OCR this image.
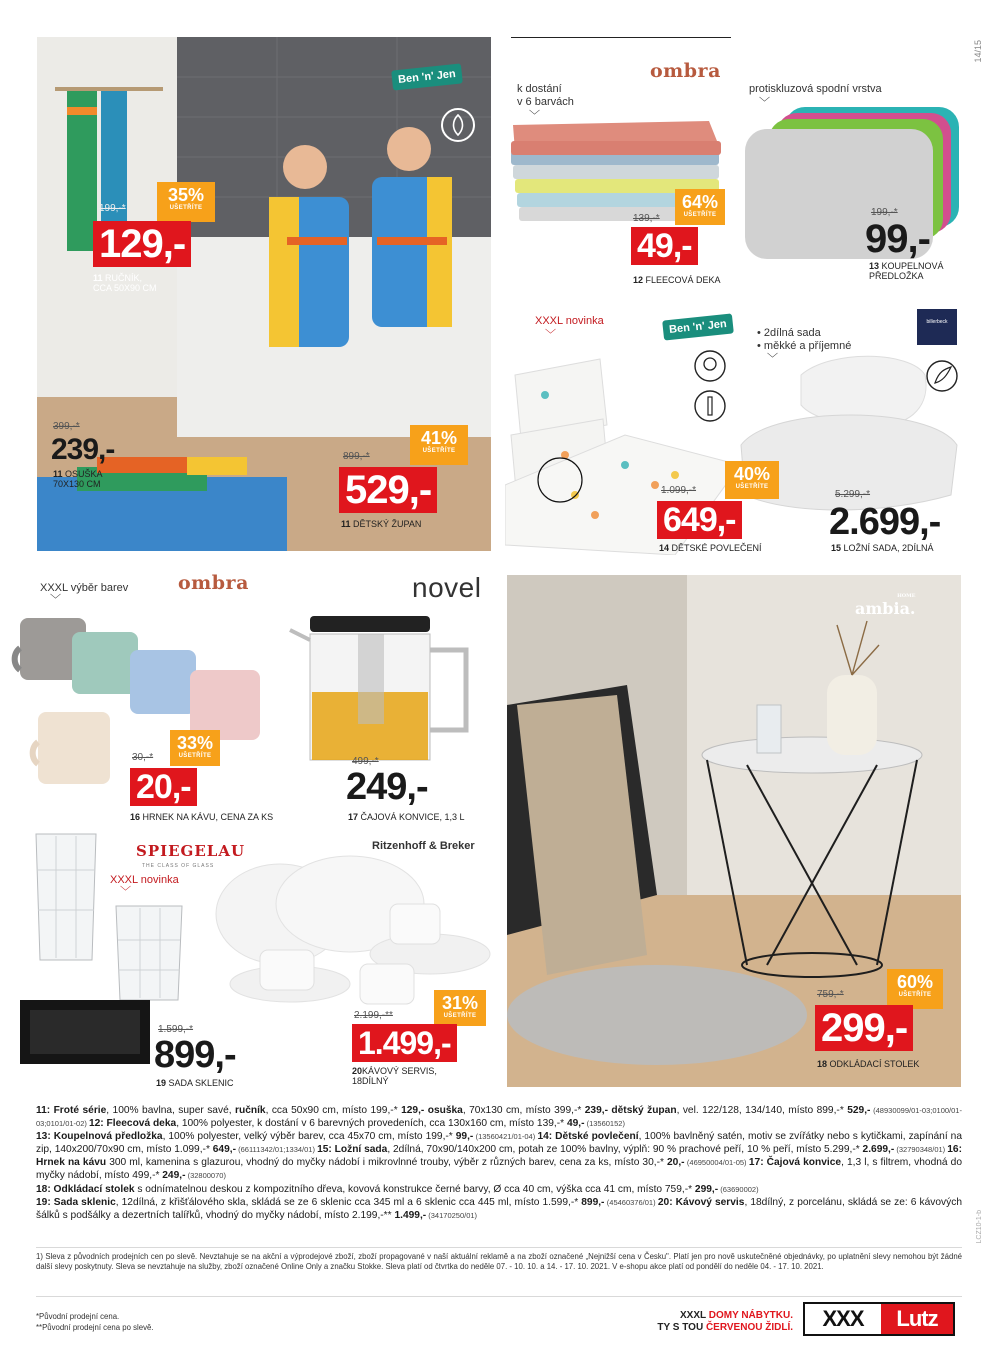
14/15
LCZ10-1-b
Ben 'n' Jen
35%
UŠETŘÍTE
199,-*
129,-
11 RUČNÍK,
CCA 50X90 CM
399,-*
239,-
11 OSUŠKA
70X130 CM
41%
UŠETŘÍTE
899,-*
529,-
11 DĚTSKÝ ŽUPAN
ombra
k dostání
v 6 barvách
protiskluzová spodní vrstva
﹀
﹀
64%
UŠETŘÍTE
139,-*
49,-
12 FLEECOVÁ DEKA
199,-*
99,-
13 KOUPELNOVÁ
PŘEDLOŽKA
XXXL novinka
﹀	Ben 'n' Jen	• 2dílná sada
• měkké a příjemné
﹀
billerbeck
40%
UŠETŘÍTE
1.099,-*
649,-
14 DĚTSKÉ POVLEČENÍ
5.299,-*
2.699,-
15 LOŽNÍ SADA, 2DÍLNÁ
XXXL výběr barev
﹀
ombra	novel
33%
UŠETŘÍTE
30,-*
20,-
16 HRNEK NA KÁVU, CENA ZA KS
499,-*
249,-
17 ČAJOVÁ KONVICE, 1,3 L
SPIEGELAU
THE CLASS OF GLASS
XXXL novinka
﹀
Ritzenhoff & Breker
1.599,-*
899,-
19 SADA SKLENIC
31%
UŠETŘÍTE
2.199,-**
1.499,-
20KÁVOVÝ SERVIS,
18DÍLNÝ
HOME
ambia.
60%
UŠETŘÍTE
759,-*
299,-
18 ODKLÁDACÍ STOLEK

11: Froté série, 100% bavlna, super savé, ručník, cca 50x90 cm, místo 199,-* 129,- osuška, 70x130 cm, místo 399,-* 239,- dětský župan, vel. 122/128, 134/140, místo 899,-* 529,- (48930099/01-03;0100/01-03;0101/01-02) 12: Fleecová deka, 100% polyester, k dostání v 6 barevných provedeních, cca 130x160 cm, místo 139,-* 49,- (13560152)

13: Koupelnová předložka, 100% polyester, velký výběr barev, cca 45x70 cm, místo 199,-* 99,- (13560421/01-04) 14: Dětské povlečení, 100% bavlněný satén, motiv se zvířátky nebo s kytičkami, zapínání na zip, 140x200/70x90 cm, místo 1.099,-* 649,- (66111342/01;1334/01) 15: Ložní sada, 2dílná, 70x90/140x200 cm, potah ze 100% bavlny, výplň: 90 % prachové peří, 10 % peří, místo 5.299,-* 2.699,- (32790348/01) 16: Hrnek na kávu 300 ml, kamenina s glazurou, vhodný do myčky nádobí i mikrovlnné trouby, výběr z různých barev, cena za ks, místo 30,-* 20,- (46950004/01-05) 17: Čajová konvice, 1,3 l, s filtrem, vhodná do myčky nádobí, místo 499,-* 249,- (32800070)

18: Odkládací stolek s odnímatelnou deskou z kompozitního dřeva, kovová konstrukce černé barvy, Ø cca 40 cm, výška cca 41 cm, místo 759,-* 299,- (63690002)

19: Sada sklenic, 12dílná, z křišťálového skla, skládá se ze 6 sklenic cca 345 ml a 6 sklenic cca 445 ml, místo 1.599,-* 899,- (45460376/01) 20: Kávový servis, 18dílný, z porcelánu, skládá se ze: 6 kávových šálků s podšálky a dezertních talířků, vhodný do myčky nádobí, místo 2.199,-** 1.499,- (34170250/01)

1) Sleva z původních prodejních cen po slevě. Nevztahuje se na akční a výprodejové zboží, zboží propagované v naší aktuální reklamě a na zboží označené „Nejnižší cena v Česku". Platí jen pro nově uskutečněné objednávky, po uplatnění slevy nemohou být žádné další slevy poskytnuty. Sleva se nevztahuje na služby, zboží označené Online Only a značku Stokke. Sleva platí od čtvrtka do neděle 07. - 10. 10. a 14. - 17. 10. 2021. V e-shopu akce platí od pondělí do neděle 04. - 17. 10. 2021.
*Původní prodejní cena.
**Původní prodejní cena po slevě.
XXXL DOMY NÁBYTKU.
TY S TOU ČERVENOU ŽIDLÍ.	XXX	Lutz
